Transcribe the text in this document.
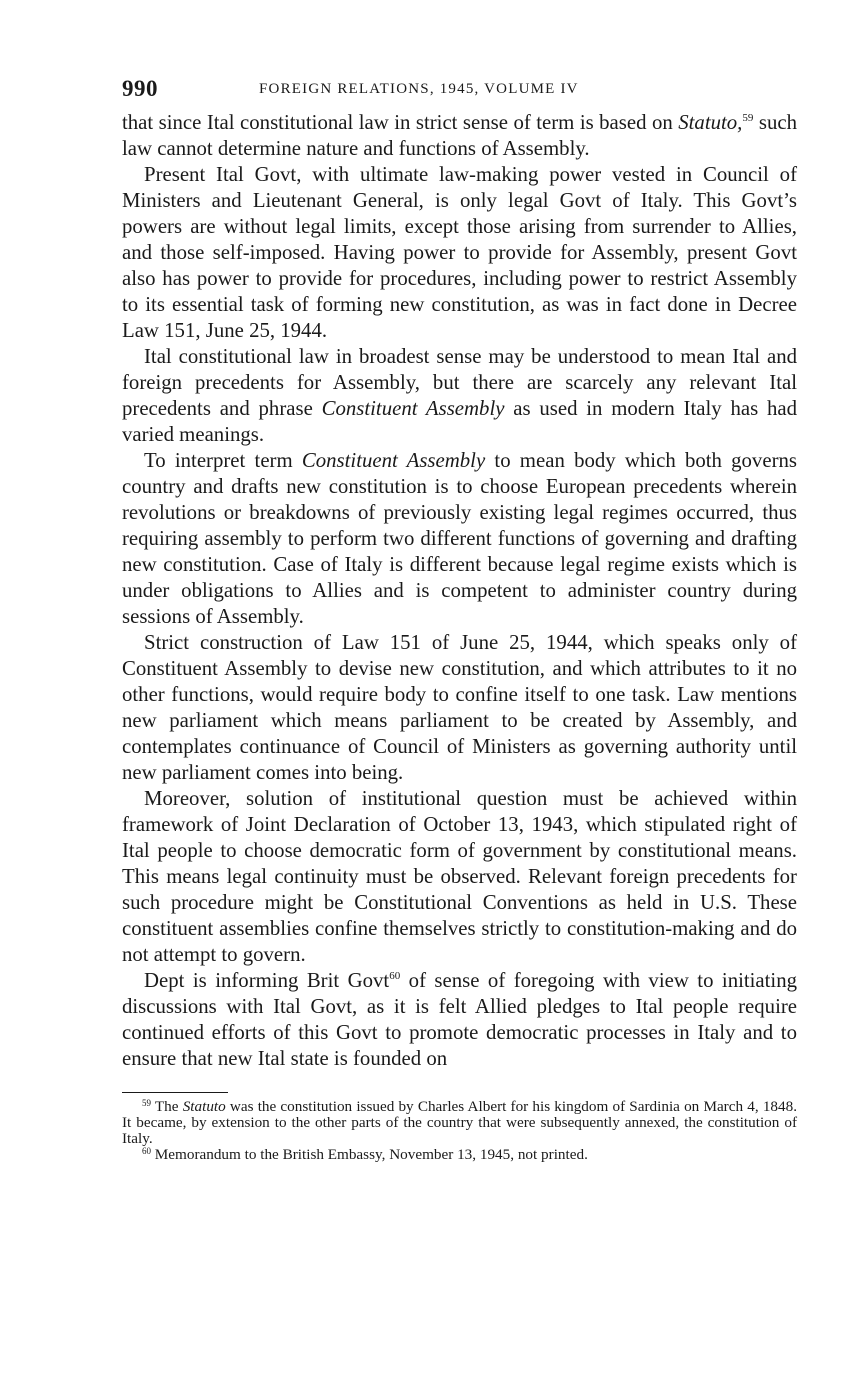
990	FOREIGN RELATIONS, 1945, VOLUME IV

that since Ital constitutional law in strict sense of term is based on Statuto,$^{59}$ such law cannot determine nature and functions of Assembly.

Present Ital Govt, with ultimate law-making power vested in Council of Ministers and Lieutenant General, is only legal Govt of Italy. This Govt’s powers are without legal limits, except those arising from surrender to Allies, and those self-imposed. Having power to provide for Assembly, present Govt also has power to provide for procedures, including power to restrict Assembly to its essential task of forming new constitution, as was in fact done in Decree Law 151, June 25, 1944.

Ital constitutional law in broadest sense may be understood to mean Ital and foreign precedents for Assembly, but there are scarcely any relevant Ital precedents and phrase Constituent Assembly as used in modern Italy has had varied meanings.

To interpret term Constituent Assembly to mean body which both governs country and drafts new constitution is to choose European precedents wherein revolutions or breakdowns of previously existing legal regimes occurred, thus requiring assembly to perform two different functions of governing and drafting new constitution. Case of Italy is different because legal regime exists which is under obligations to Allies and is competent to administer country during sessions of Assembly.

Strict construction of Law 151 of June 25, 1944, which speaks only of Constituent Assembly to devise new constitution, and which attributes to it no other functions, would require body to confine itself to one task. Law mentions new parliament which means parliament to be created by Assembly, and contemplates continuance of Council of Ministers as governing authority until new parliament comes into being.

Moreover, solution of institutional question must be achieved within framework of Joint Declaration of October 13, 1943, which stipulated right of Ital people to choose democratic form of government by constitutional means. This means legal continuity must be observed. Relevant foreign precedents for such procedure might be Constitutional Conventions as held in U.S. These constituent assemblies confine themselves strictly to constitution-making and do not attempt to govern.

Dept is informing Brit Govt$^{60}$ of sense of foregoing with view to initiating discussions with Ital Govt, as it is felt Allied pledges to Ital people require continued efforts of this Govt to promote democratic processes in Italy and to ensure that new Ital state is founded on

$^{59}$ The Statuto was the constitution issued by Charles Albert for his kingdom of Sardinia on March 4, 1848. It became, by extension to the other parts of the country that were subsequently annexed, the constitution of Italy.

$^{60}$ Memorandum to the British Embassy, November 13, 1945, not printed.
